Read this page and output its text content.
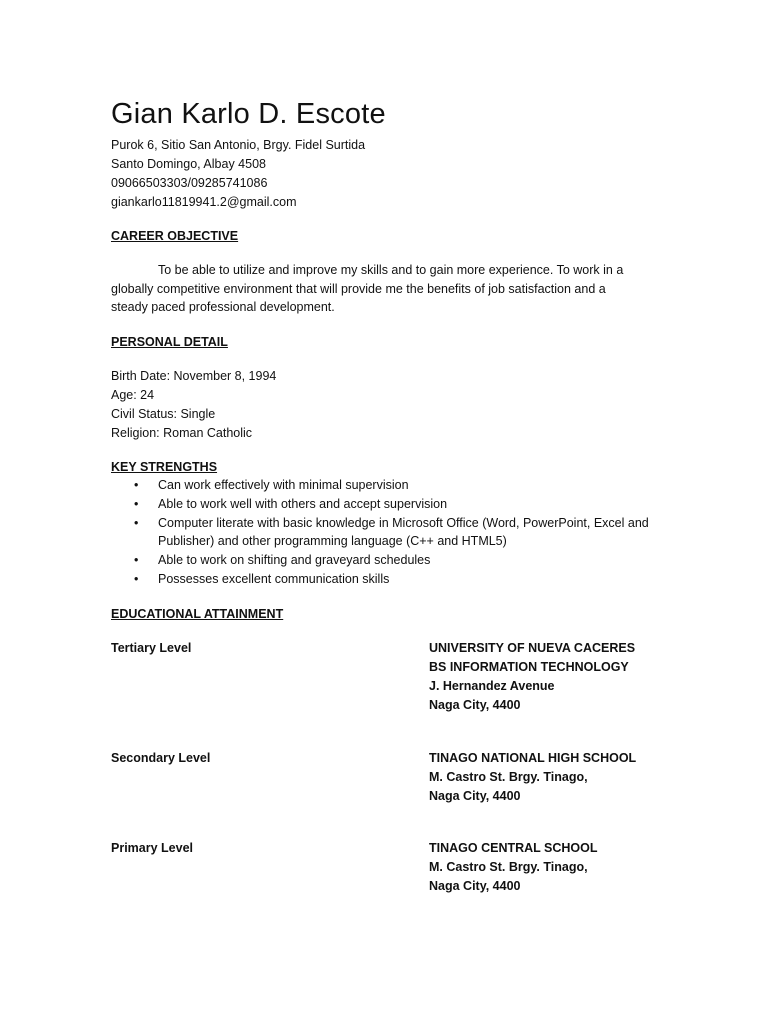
Gian Karlo D. Escote
Purok 6, Sitio San Antonio, Brgy. Fidel Surtida
Santo Domingo, Albay 4508
09066503303/09285741086
giankarlo11819941.2@gmail.com
CAREER OBJECTIVE
To be able to utilize and improve my skills and to gain more experience. To work in a globally competitive environment that will provide me the benefits of job satisfaction and a steady paced professional development.
PERSONAL DETAIL
Birth Date: November 8, 1994
Age: 24
Civil Status: Single
Religion: Roman Catholic
KEY STRENGTHS
• Can work effectively with minimal supervision
• Able to work well with others and accept supervision
• Computer literate with basic knowledge in Microsoft Office (Word, PowerPoint, Excel and Publisher) and other programming language (C++ and HTML5)
• Able to work on shifting and graveyard schedules
• Possesses excellent communication skills
EDUCATIONAL ATTAINMENT
Tertiary Level	UNIVERSITY OF NUEVA CACERES
BS INFORMATION TECHNOLOGY
J. Hernandez Avenue
Naga City, 4400
Secondary Level	TINAGO NATIONAL HIGH SCHOOL
M. Castro St. Brgy. Tinago,
Naga City, 4400
Primary Level	TINAGO CENTRAL SCHOOL
M. Castro St. Brgy. Tinago,
Naga City, 4400
